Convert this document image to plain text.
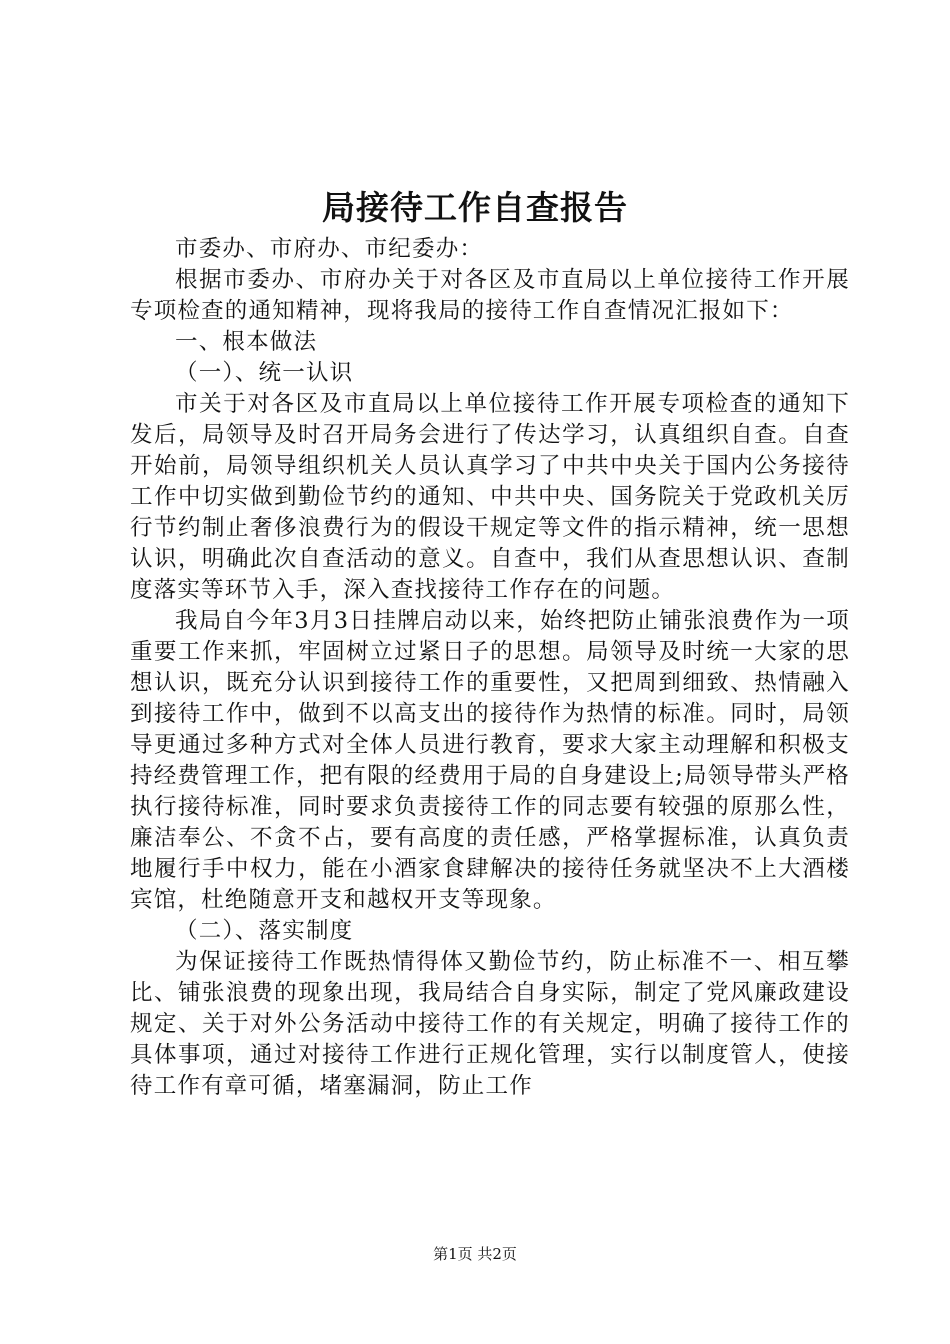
局接待工作自查报告

市委办、市府办、市纪委办：

根据市委办、市府办关于对各区及市直局以上单位接待工作开展专项检查的通知精神，现将我局的接待工作自查情况汇报如下：

一、根本做法

（一）、统一认识

市关于对各区及市直局以上单位接待工作开展专项检查的通知下发后，局领导及时召开局务会进行了传达学习，认真组织自查。自查开始前，局领导组织机关人员认真学习了中共中央关于国内公务接待工作中切实做到勤俭节约的通知、中共中央、国务院关于党政机关厉行节约制止奢侈浪费行为的假设干规定等文件的指示精神，统一思想认识，明确此次自查活动的意义。自查中，我们从查思想认识、查制度落实等环节入手，深入查找接待工作存在的问题。

我局自今年3月3日挂牌启动以来，始终把防止铺张浪费作为一项重要工作来抓，牢固树立过紧日子的思想。局领导及时统一大家的思想认识，既充分认识到接待工作的重要性，又把周到细致、热情融入到接待工作中，做到不以高支出的接待作为热情的标准。同时，局领导更通过多种方式对全体人员进行教育，要求大家主动理解和积极支持经费管理工作，把有限的经费用于局的自身建设上;局领导带头严格执行接待标准，同时要求负责接待工作的同志要有较强的原那么性，廉洁奉公、不贪不占，要有高度的责任感，严格掌握标准，认真负责地履行手中权力，能在小酒家食肆解决的接待任务就坚决不上大酒楼宾馆，杜绝随意开支和越权开支等现象。

（二）、落实制度

为保证接待工作既热情得体又勤俭节约，防止标准不一、相互攀比、铺张浪费的现象出现，我局结合自身实际，制定了党风廉政建设规定、关于对外公务活动中接待工作的有关规定，明确了接待工作的具体事项，通过对接待工作进行正规化管理，实行以制度管人，使接待工作有章可循，堵塞漏洞，防止工作

第1页 共2页
